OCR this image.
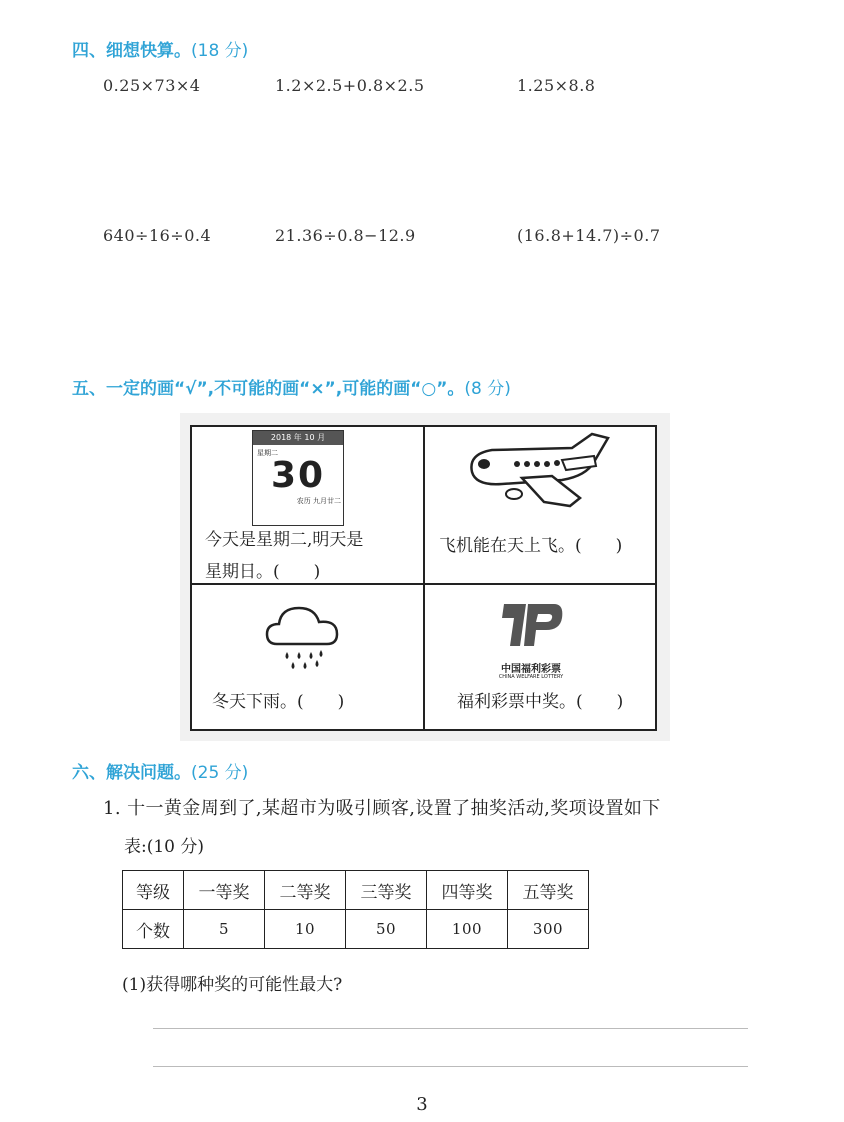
四、细想快算。(18 分)
0.25×73×4	1.2×2.5+0.8×2.5	1.25×8.8
640÷16÷0.4	21.36÷0.8−12.9	(16.8+14.7)÷0.7
五、一定的画“√”,不可能的画“×”,可能的画“○”。(8 分)
2018 年 10 月
星期二
30
农历 九月廿二
今天是星期二,明天是
星期日。(　　)
飞机能在天上飞。(　　)
冬天下雨。(　　)
中国福利彩票
CHINA WELFARE LOTTERY
福利彩票中奖。(　　)
六、解决问题。(25 分)
1. 十一黄金周到了,某超市为吸引顾客,设置了抽奖活动,奖项设置如下
表:(10 分)
等级	一等奖	二等奖	三等奖	四等奖	五等奖
个数	5	10	50	100	300
(1)获得哪种奖的可能性最大?
3
